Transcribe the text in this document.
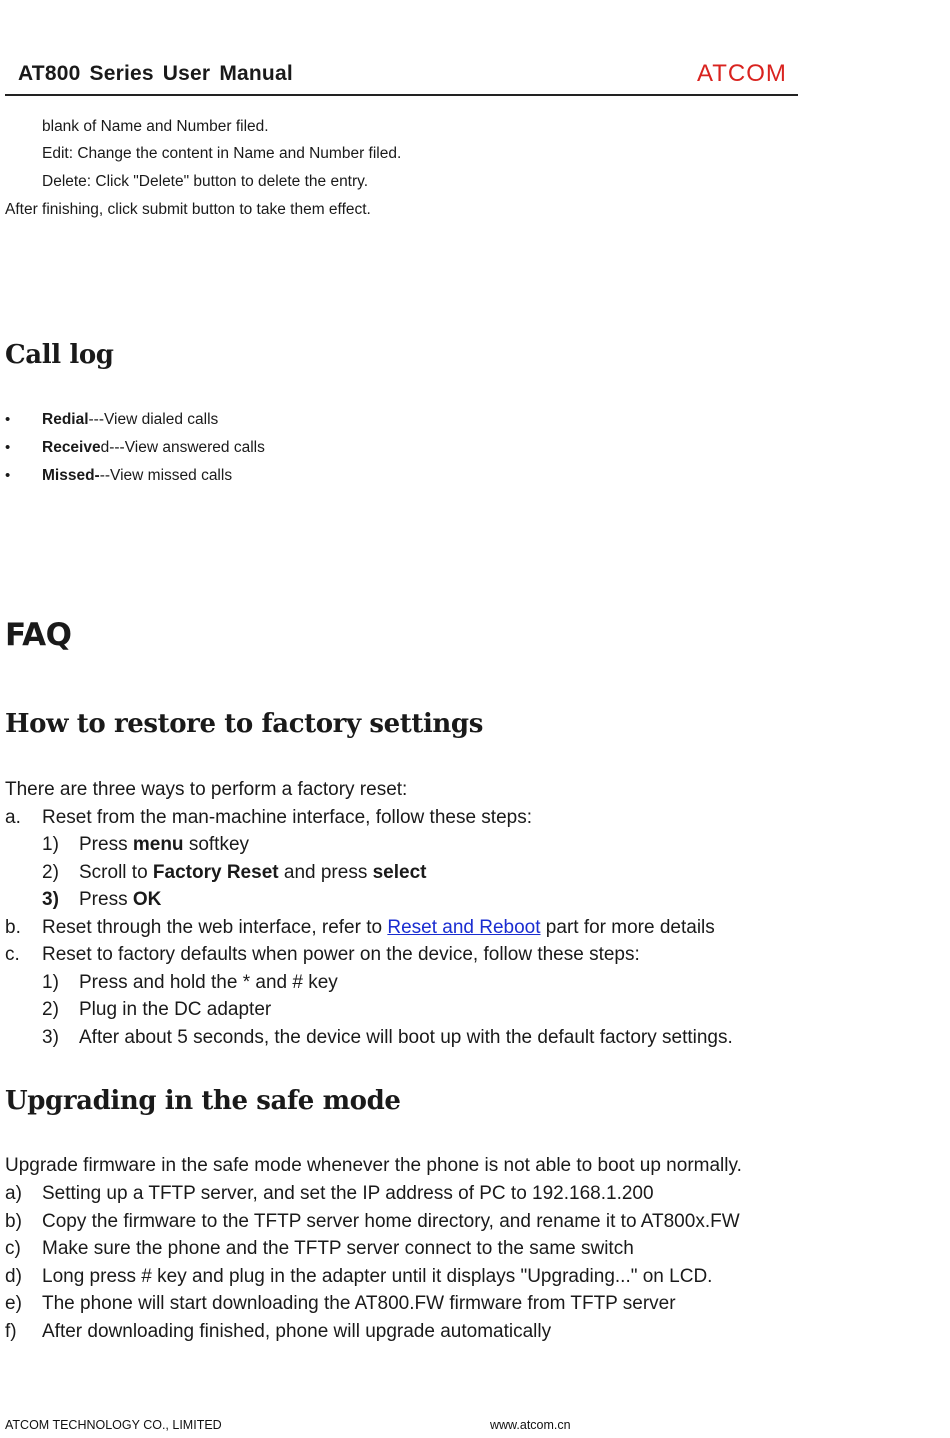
AT800 Series User Manual	ATCOM
blank of Name and Number filed.
Edit: Change the content in Name and Number filed.
Delete: Click "Delete" button to delete the entry.
After finishing, click submit button to take them effect.
Call log
• Redial---View dialed calls
• Received---View answered calls
• Missed---View missed calls
FAQ
How to restore to factory settings
There are three ways to perform a factory reset:
a. Reset from the man-machine interface, follow these steps:
1) Press menu softkey
2) Scroll to Factory Reset and press select
3) Press OK
b. Reset through the web interface, refer to Reset and Reboot part for more details
c. Reset to factory defaults when power on the device, follow these steps:
1) Press and hold the * and # key
2) Plug in the DC adapter
3) After about 5 seconds, the device will boot up with the default factory settings.
Upgrading in the safe mode
Upgrade firmware in the safe mode whenever the phone is not able to boot up normally.
a) Setting up a TFTP server, and set the IP address of PC to 192.168.1.200
b) Copy the firmware to the TFTP server home directory, and rename it to AT800x.FW
c) Make sure the phone and the TFTP server connect to the same switch
d) Long press # key and plug in the adapter until it displays "Upgrading..." on LCD.
e) The phone will start downloading the AT800.FW firmware from TFTP server
f) After downloading finished, phone will upgrade automatically
ATCOM TECHNOLOGY CO., LIMITED	www.atcom.cn
